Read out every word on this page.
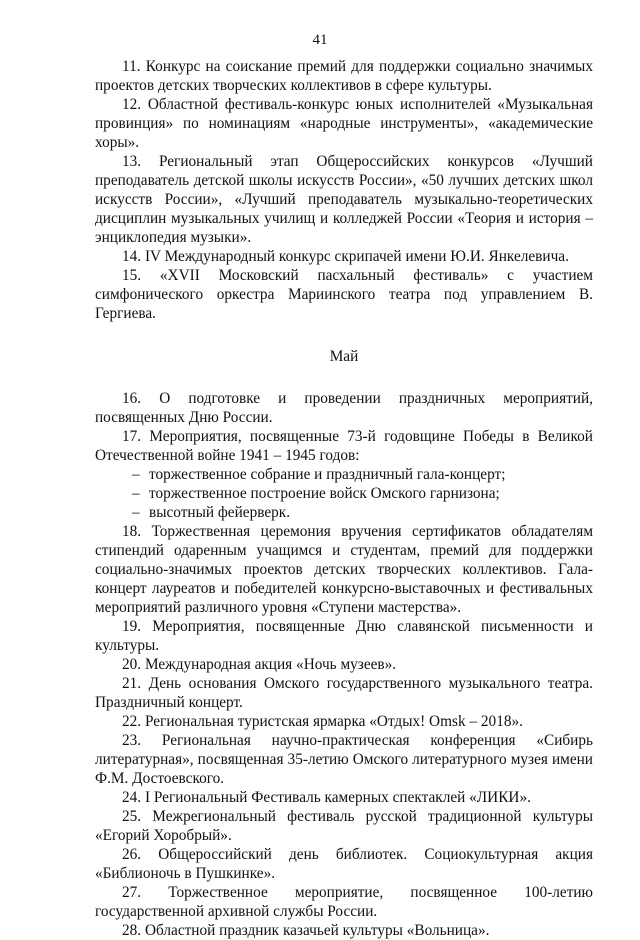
41
11. Конкурс на соискание премий для поддержки социально значимых
проектов детских творческих коллективов в сфере культуры.
12. Областной фестиваль-конкурс юных исполнителей «Музыкальная
провинция» по номинациям «народные инструменты», «академические
хоры».
13. Региональный этап Общероссийских конкурсов «Лучший
преподаватель детской школы искусств России», «50 лучших детских школ
искусств России», «Лучший преподаватель музыкально-теоретических
дисциплин музыкальных училищ и колледжей России «Теория и история –
энциклопедия музыки».
14. IV Международный конкурс скрипачей имени Ю.И. Янкелевича.
15. «XVII Московский пасхальный фестиваль» с участием
симфонического оркестра Мариинского театра под управлением В. Гергиева.
Май
16. О подготовке и проведении праздничных мероприятий,
посвященных Дню России.
17. Мероприятия, посвященные 73-й годовщине Победы в Великой
Отечественной войне 1941 – 1945 годов:
– торжественное собрание и праздничный гала-концерт;
– торжественное построение войск Омского гарнизона;
– высотный фейерверк.
18. Торжественная церемония вручения сертификатов обладателям
стипендий одаренным учащимся и студентам, премий для поддержки
социально-значимых проектов детских творческих коллективов. Гала-
концерт лауреатов и победителей конкурсно-выставочных и фестивальных
мероприятий различного уровня «Ступени мастерства».
19. Мероприятия, посвященные Дню славянской письменности и
культуры.
20. Международная акция «Ночь музеев».
21. День основания Омского государственного музыкального театра.
Праздничный концерт.
22. Региональная туристская ярмарка «Отдых! Omsk – 2018».
23. Региональная научно-практическая конференция «Сибирь
литературная», посвященная 35-летию Омского литературного музея имени
Ф.М. Достоевского.
24. I Региональный Фестиваль камерных спектаклей «ЛИКИ».
25. Межрегиональный фестиваль русской традиционной культуры
«Егорий Хоробрый».
26. Общероссийский день библиотек. Социокультурная акция
«Библионочь в Пушкинке».
27. Торжественное мероприятие, посвященное 100-летию
государственной архивной службы России.
28. Областной праздник казачьей культуры «Вольница».
